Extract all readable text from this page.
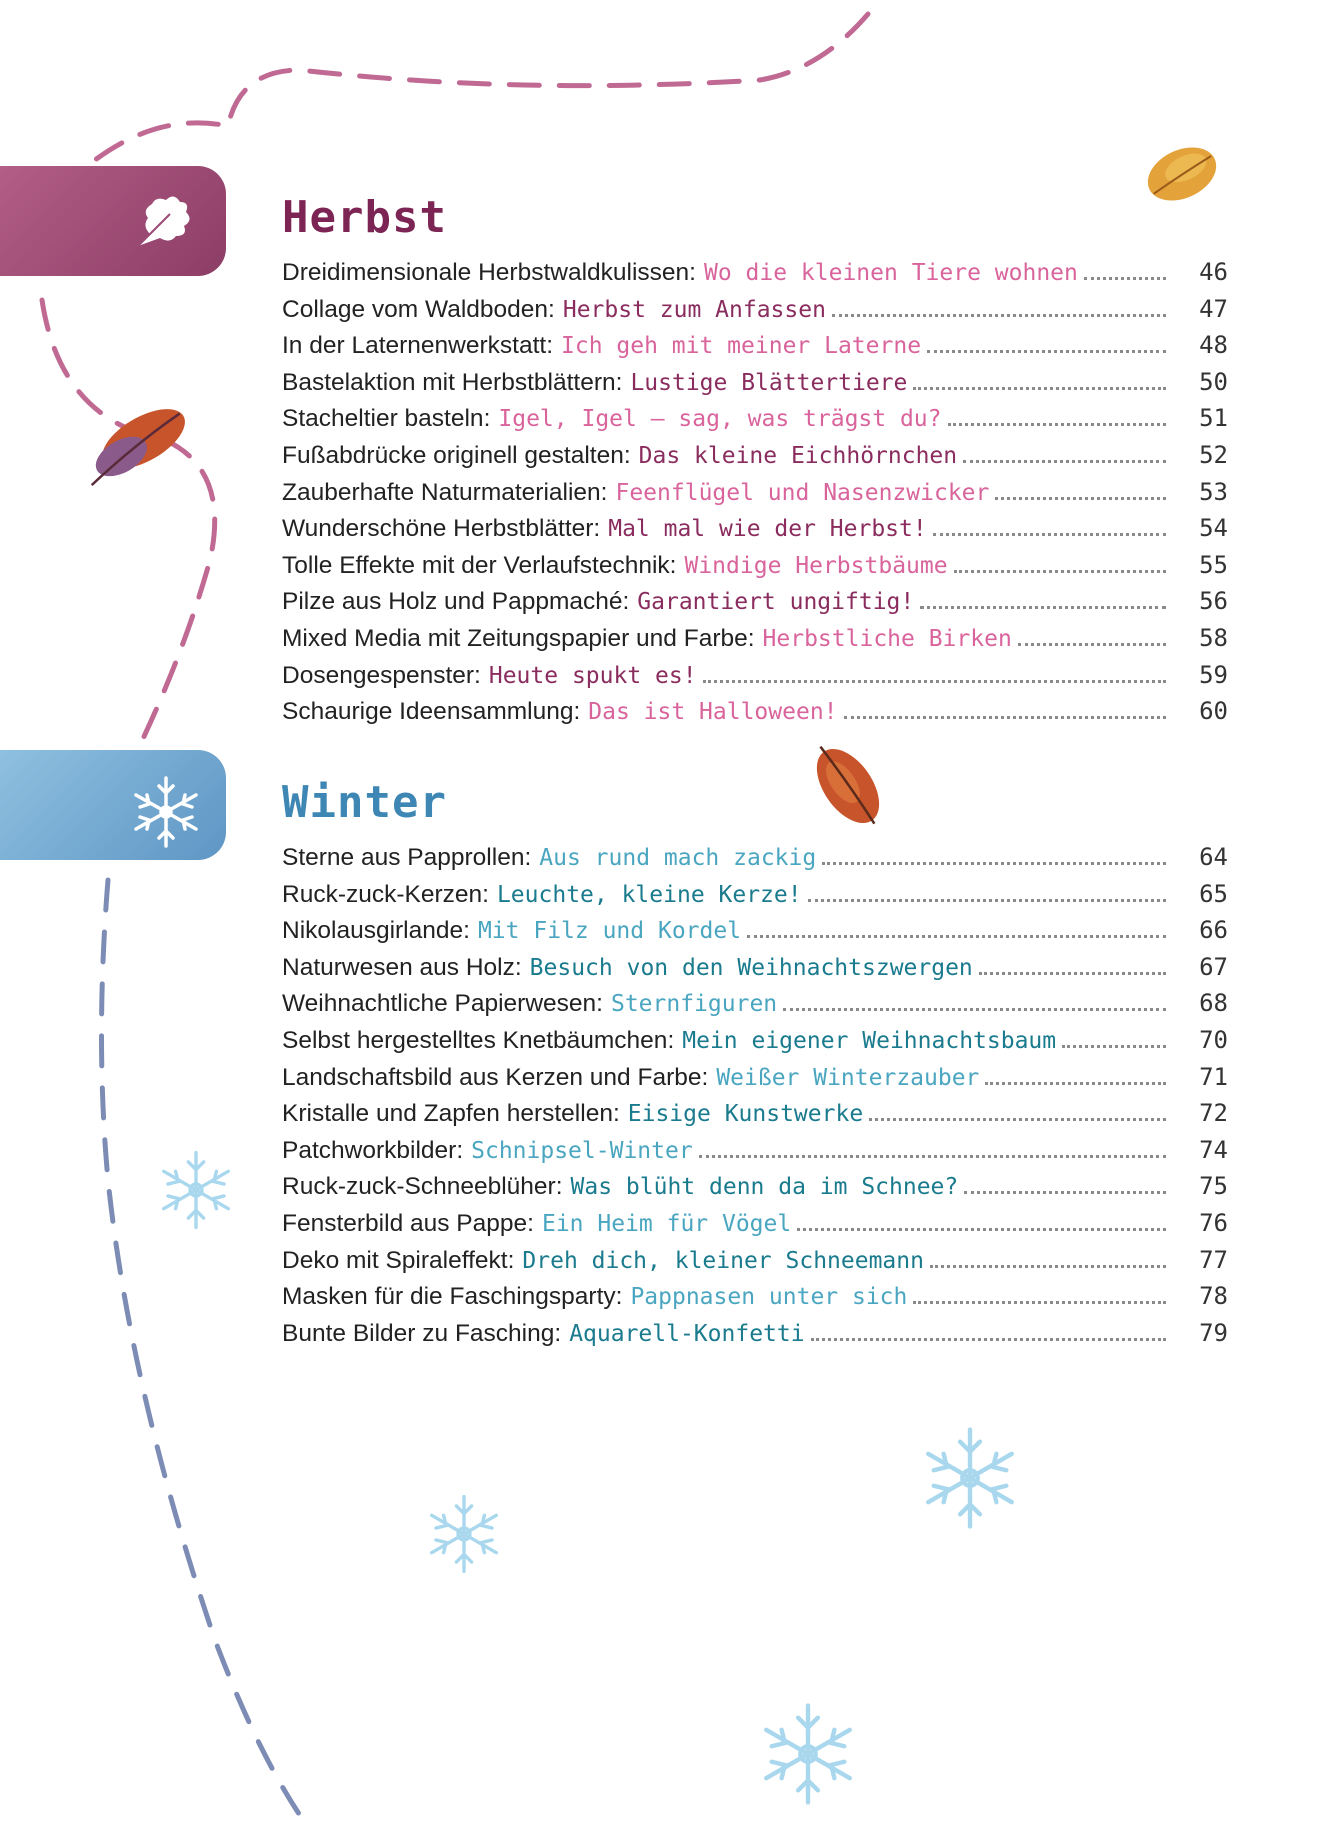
Herbst
Winter
Dreidimensionale Herbstwaldkulissen : Wo die kleinen Tiere wohnen	46
Collage vom Waldboden : Herbst zum Anfassen	47
In der Laternenwerkstatt : Ich geh mit meiner Laterne	48
Bastelaktion mit Herbstblättern : Lustige Blättertiere	50
Stacheltier basteln : Igel, Igel – sag, was trägst du?	51
Fußabdrücke originell gestalten : Das kleine Eichhörnchen	52
Zauberhafte Naturmaterialien : Feenflügel und Nasenzwicker	53
Wunderschöne Herbstblätter : Mal mal wie der Herbst!	54
Tolle Effekte mit der Verlaufstechnik : Windige Herbstbäume	55
Pilze aus Holz und Pappmaché : Garantiert ungiftig!	56
Mixed Media mit Zeitungspapier und Farbe : Herbstliche Birken	58
Dosengespenster : Heute spukt es!	59
Schaurige Ideensammlung : Das ist Halloween!	60
Sterne aus Papprollen : Aus rund mach zackig	64
Ruck-zuck-Kerzen : Leuchte, kleine Kerze!	65
Nikolausgirlande : Mit Filz und Kordel	66
Naturwesen aus Holz : Besuch von den Weihnachtszwergen	67
Weihnachtliche Papierwesen : Sternfiguren	68
Selbst hergestelltes Knetbäumchen : Mein eigener Weihnachtsbaum	70
Landschaftsbild aus Kerzen und Farbe : Weißer Winterzauber	71
Kristalle und Zapfen herstellen : Eisige Kunstwerke	72
Patchworkbilder : Schnipsel-Winter	74
Ruck-zuck-Schneeblüher : Was blüht denn da im Schnee?	75
Fensterbild aus Pappe : Ein Heim für Vögel	76
Deko mit Spiraleffekt : Dreh dich, kleiner Schneemann	77
Masken für die Faschingsparty : Pappnasen unter sich	78
Bunte Bilder zu Fasching : Aquarell-Konfetti	79
